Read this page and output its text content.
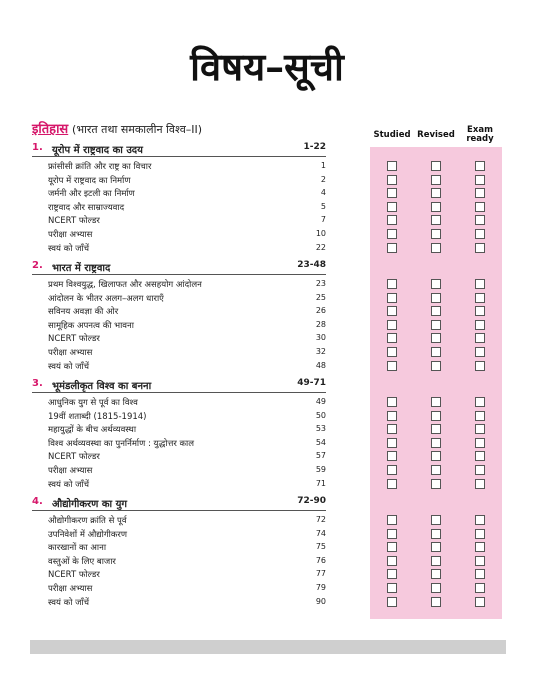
विषय–सूची
इतिहास (भारत तथा समकालीन विश्व–II)	Studied Revised	Exam
ready
1. यूरोप में राष्ट्रवाद का उदय	1-22
फ्रांसीसी क्रांति और राष्ट्र का विचार	1
यूरोप में राष्ट्रवाद का निर्माण	2
जर्मनी और इटली का निर्माण	4
राष्ट्रवाद और साम्राज्यवाद	5
NCERT फोल्डर	7
परीक्षा अभ्यास	10
स्वयं को जाँचें	22
2. भारत में राष्ट्रवाद	23-48
प्रथम विश्वयुद्ध, खिलाफत और असहयोग आंदोलन	23
आंदोलन के भीतर अलग–अलग धाराएँ	25
सविनय अवज्ञा की ओर	26
सामूहिक अपनत्व की भावना	28
NCERT फोल्डर	30
परीक्षा अभ्यास	32
स्वयं को जाँचें	48
3. भूमंडलीकृत विश्व का बनना	49-71
आधुनिक युग से पूर्व का विश्व	49
19वीं शताब्दी (1815-1914)	50
महायुद्धों के बीच अर्थव्यवस्था	53
विश्व अर्थव्यवस्था का पुनर्निर्माण : युद्धोत्तर काल	54
NCERT फोल्डर	57
परीक्षा अभ्यास	59
स्वयं को जाँचें	71
4. औद्योगीकरण का युग	72-90
औद्योगीकरण क्रांति से पूर्व	72
उपनिवेशों में औद्योगीकरण	74
कारखानों का आना	75
वस्तुओं के लिए बाजार	76
NCERT फोल्डर	77
परीक्षा अभ्यास	79
स्वयं को जाँचें	90
